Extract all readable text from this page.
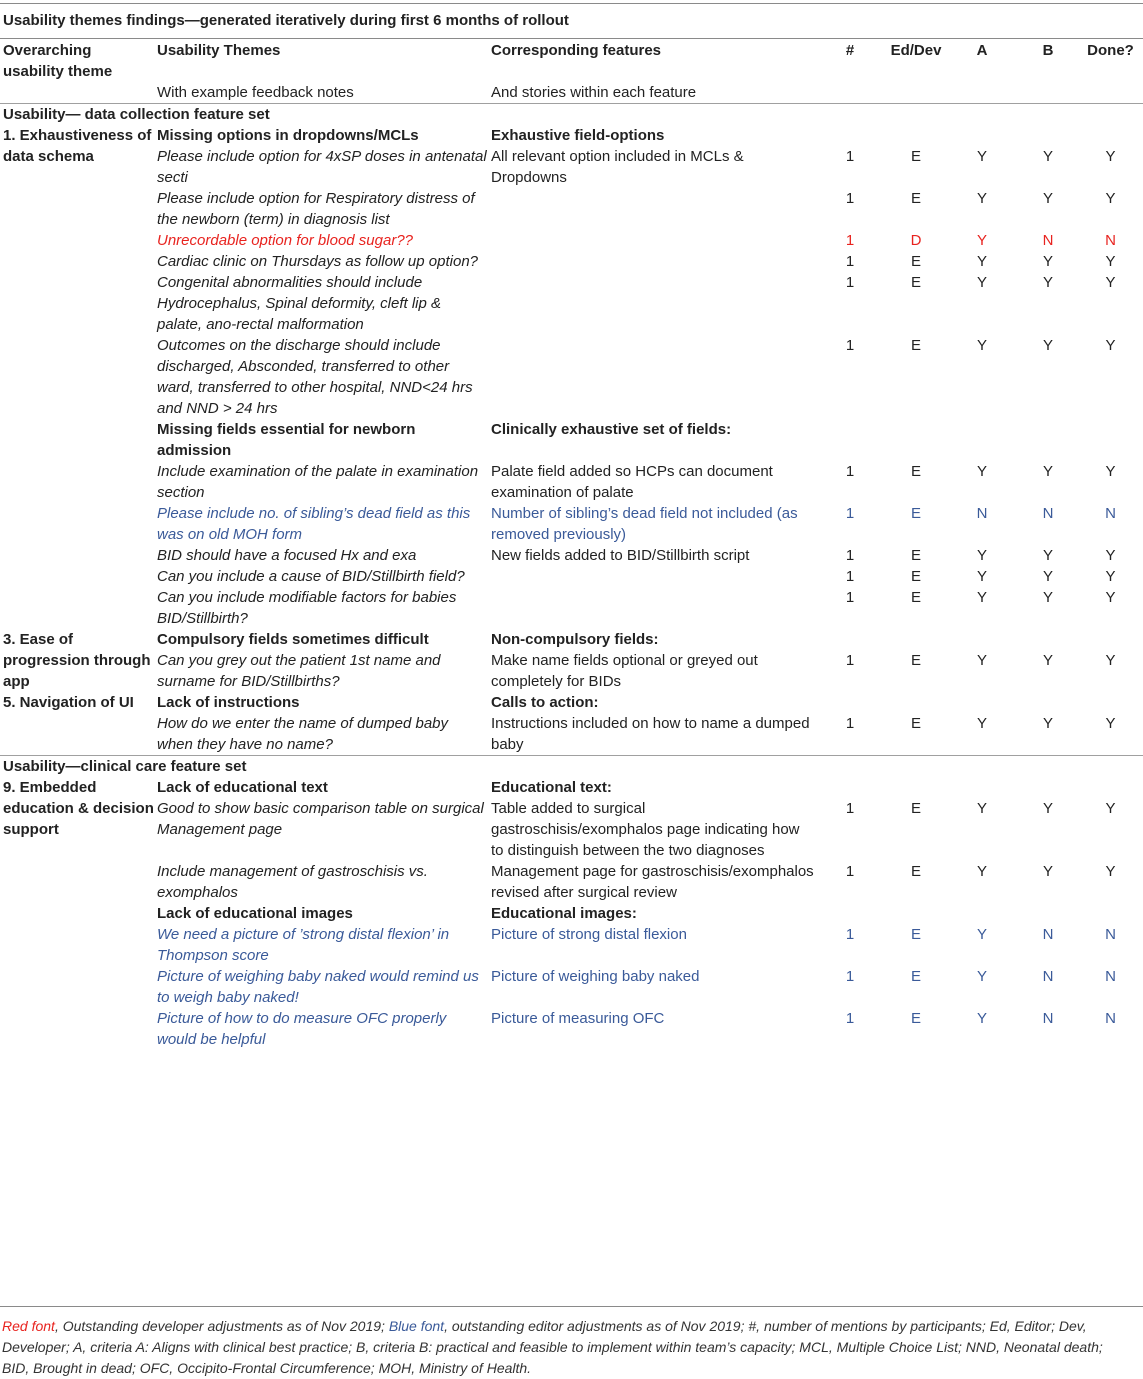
Usability themes findings—generated iteratively during first 6 months of rollout
Overarching usability theme	Usability Themes	Corresponding features	#	Ed/Dev	A	B	Done?
	With example feedback notes	And stories within each feature					

Usability— data collection feature set							
1. Exhaustiveness of data schema	Missing options in dropdowns/MCLs	Exhaustive field-options					
	Please include option for 4xSP doses in antenatal secti	All relevant option included in MCLs & Dropdowns	1	E	Y	Y	Y
	Please include option for Respiratory distress of the newborn (term) in diagnosis list		1	E	Y	Y	Y
	Unrecordable option for blood sugar??		1	D	Y	N	N
	Cardiac clinic on Thursdays as follow up option?		1	E	Y	Y	Y
	Congenital abnormalities should include Hydrocephalus, Spinal deformity, cleft lip & palate, ano-rectal malformation		1	E	Y	Y	Y
	Outcomes on the discharge should include discharged, Absconded, transferred to other ward, transferred to other hospital, NND<24 hrs and NND > 24 hrs		1	E	Y	Y	Y
	Missing fields essential for newborn admission	Clinically exhaustive set of fields:					
	Include examination of the palate in examination section	Palate field added so HCPs can document examination of palate	1	E	Y	Y	Y
	Please include no. of sibling’s dead field as this was on old MOH form	Number of sibling’s dead field not included (as removed previously)	1	E	N	N	N
	BID should have a focused Hx and exa	New fields added to BID/Stillbirth script	1	E	Y	Y	Y
	Can you include a cause of BID/Stillbirth field?		1	E	Y	Y	Y
	Can you include modifiable factors for babies BID/Stillbirth?		1	E	Y	Y	Y

3. Ease of progression through app	Compulsory fields sometimes difficult	Non-compulsory fields:					
	Can you grey out the patient 1st name and surname for BID/Stillbirths?	Make name fields optional or greyed out completely for BIDs	1	E	Y	Y	Y
5. Navigation of UI	Lack of instructions	Calls to action:					
	How do we enter the name of dumped baby when they have no name?	Instructions included on how to name a dumped baby	1	E	Y	Y	Y

Usability—clinical care feature set							
9. Embedded education & decision support	Lack of educational text	Educational text:					
	Good to show basic comparison table on surgical Management page	Table added to surgical gastroschisis/exomphalos page indicating how to distinguish between the two diagnoses	1	E	Y	Y	Y
	Include management of gastroschisis vs. exomphalos	Management page for gastroschisis/exomphalos revised after surgical review	1	E	Y	Y	Y
	Lack of educational images	Educational images:					
	We need a picture of ’strong distal flexion’ in Thompson score	Picture of strong distal flexion	1	E	Y	N	N
	Picture of weighing baby naked would remind us to weigh baby naked!	Picture of weighing baby naked	1	E	Y	N	N
	Picture of how to do measure OFC properly would be helpful	Picture of measuring OFC	1	E	Y	N	N
Red font, Outstanding developer adjustments as of Nov 2019; Blue font, outstanding editor adjustments as of Nov 2019; #, number of mentions by participants; Ed, Editor; Dev, Developer; A, criteria A: Aligns with clinical best practice; B, criteria B: practical and feasible to implement within team’s capacity; MCL, Multiple Choice List; NND, Neonatal death; BID, Brought in dead; OFC, Occipito-Frontal Circumference; MOH, Ministry of Health.
